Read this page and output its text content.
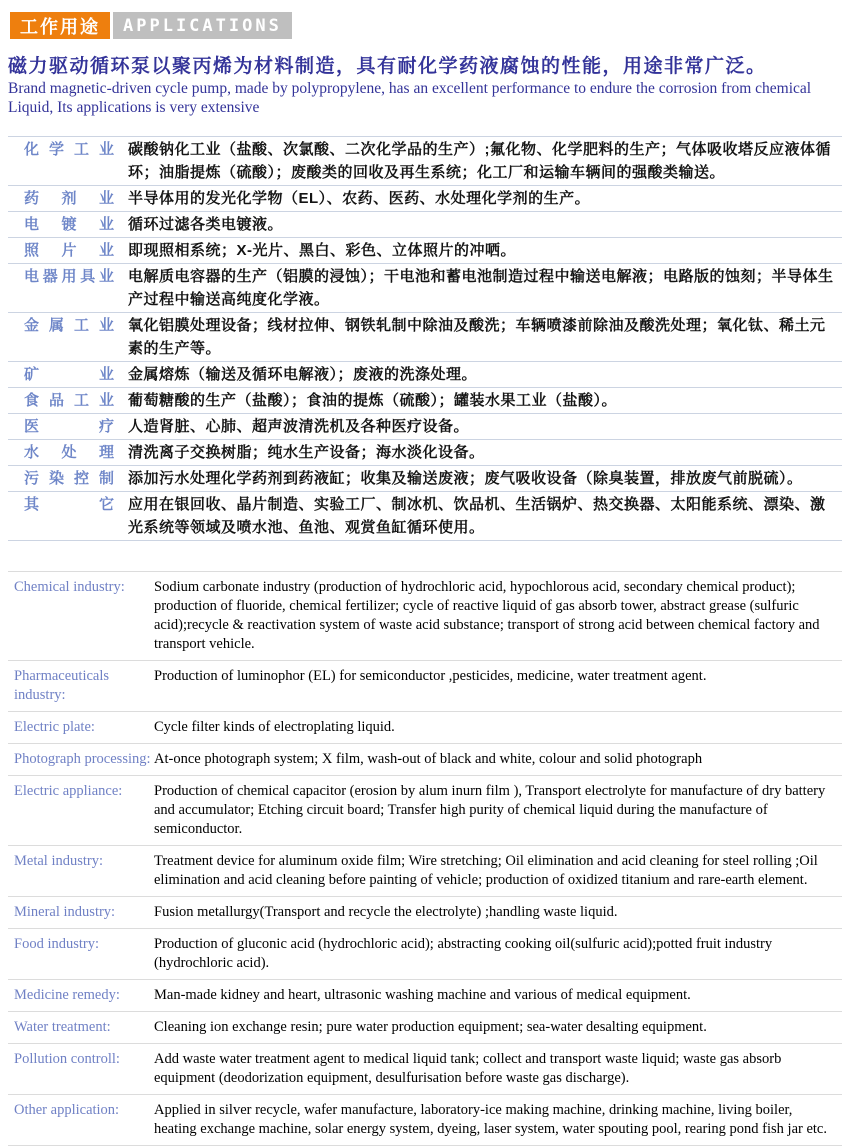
工作用途	APPLICATIONS
磁力驱动循环泵以聚丙烯为材料制造，具有耐化学药液腐蚀的性能，用途非常广泛。
Brand magnetic-driven cycle pump, made by polypropylene, has an excellent performance to endure the corrosion from chemical Liquid, Its applications is very extensive
化学工业 碳酸钠化工业（盐酸、次氯酸、二次化学品的生产）;氟化物、化学肥料的生产；气体吸收塔反应液体循环；油脂提炼（硫酸）；废酸类的回收及再生系统；化工厂和运输车辆间的强酸类输送。
药剂业 半导体用的发光化学物（EL）、农药、医药、水处理化学剂的生产。
电镀业 循环过滤各类电镀液。
照片业 即现照相系统；X-光片、黑白、彩色、立体照片的冲哂。
电器用具业 电解质电容器的生产（铝膜的浸蚀）；干电池和蓄电池制造过程中输送电解液；电路版的蚀刻；半导体生产过程中输送高纯度化学液。
金属工业 氧化铝膜处理设备；线材拉伸、钢铁轧制中除油及酸洗；车辆喷漆前除油及酸洗处理；氧化钛、稀土元素的生产等。
矿业 金属熔炼（输送及循环电解液）；废液的洗涤处理。
食品工业 葡萄糖酸的生产（盐酸）；食油的提炼（硫酸）；罐装水果工业（盐酸）。
医疗 人造肾脏、心肺、超声波清洗机及各种医疗设备。
水处理 清洗离子交换树脂；纯水生产设备；海水淡化设备。
污染控制 添加污水处理化学药剂到药液缸；收集及输送废液；废气吸收设备（除臭装置，排放废气前脱硫）。
其它 应用在银回收、晶片制造、实验工厂、制冰机、饮品机、生活锅炉、热交换器、太阳能系统、漂染、激光系统等领域及喷水池、鱼池、观赏鱼缸循环使用。
Chemical industry:	Sodium carbonate industry (production of hydrochloric acid, hypochlorous acid, secondary chemical product); production of fluoride, chemical fertilizer; cycle of reactive liquid of gas absorb tower, abstract grease (sulfuric acid);recycle & reactivation system of waste acid substance; transport of strong acid between chemical factory and transport vehicle.
Pharmaceuticals industry:
Production of luminophor (EL) for semiconductor ,pesticides, medicine, water treatment agent.
Electric plate:	Cycle filter kinds of electroplating liquid.
Photograph processing: At-once photograph system; X film, wash-out of black and white, colour and solid photograph
Electric appliance:	Production of chemical capacitor (erosion by alum inurn film ), Transport electrolyte for manufacture of dry battery and accumulator; Etching circuit board; Transfer high purity of chemical liquid during the manufacture of semiconductor.
Metal industry:	Treatment device for aluminum oxide film; Wire stretching; Oil elimination and acid cleaning for steel rolling ;Oil elimination and acid cleaning before painting of vehicle; production of oxidized titanium and rare-earth element.
Mineral industry:	Fusion metallurgy(Transport and recycle the electrolyte) ;handling waste liquid.
Food industry:	Production of gluconic acid (hydrochloric acid); abstracting cooking oil(sulfuric acid);potted fruit industry (hydrochloric acid).
Medicine remedy:	Man-made kidney and heart, ultrasonic washing machine and various of medical equipment.
Water treatment:	Cleaning ion exchange resin; pure water production equipment; sea-water desalting equipment.
Pollution controll:	Add waste water treatment agent to medical liquid tank; collect and transport waste liquid; waste gas absorb equipment (deodorization equipment, desulfurisation before waste gas discharge).
Other application:	Applied in silver recycle, wafer manufacture, laboratory-ice making machine, drinking machine, living boiler, heating exchange machine, solar energy system, dyeing, laser system, water spouting pool, rearing pond fish jar etc.
